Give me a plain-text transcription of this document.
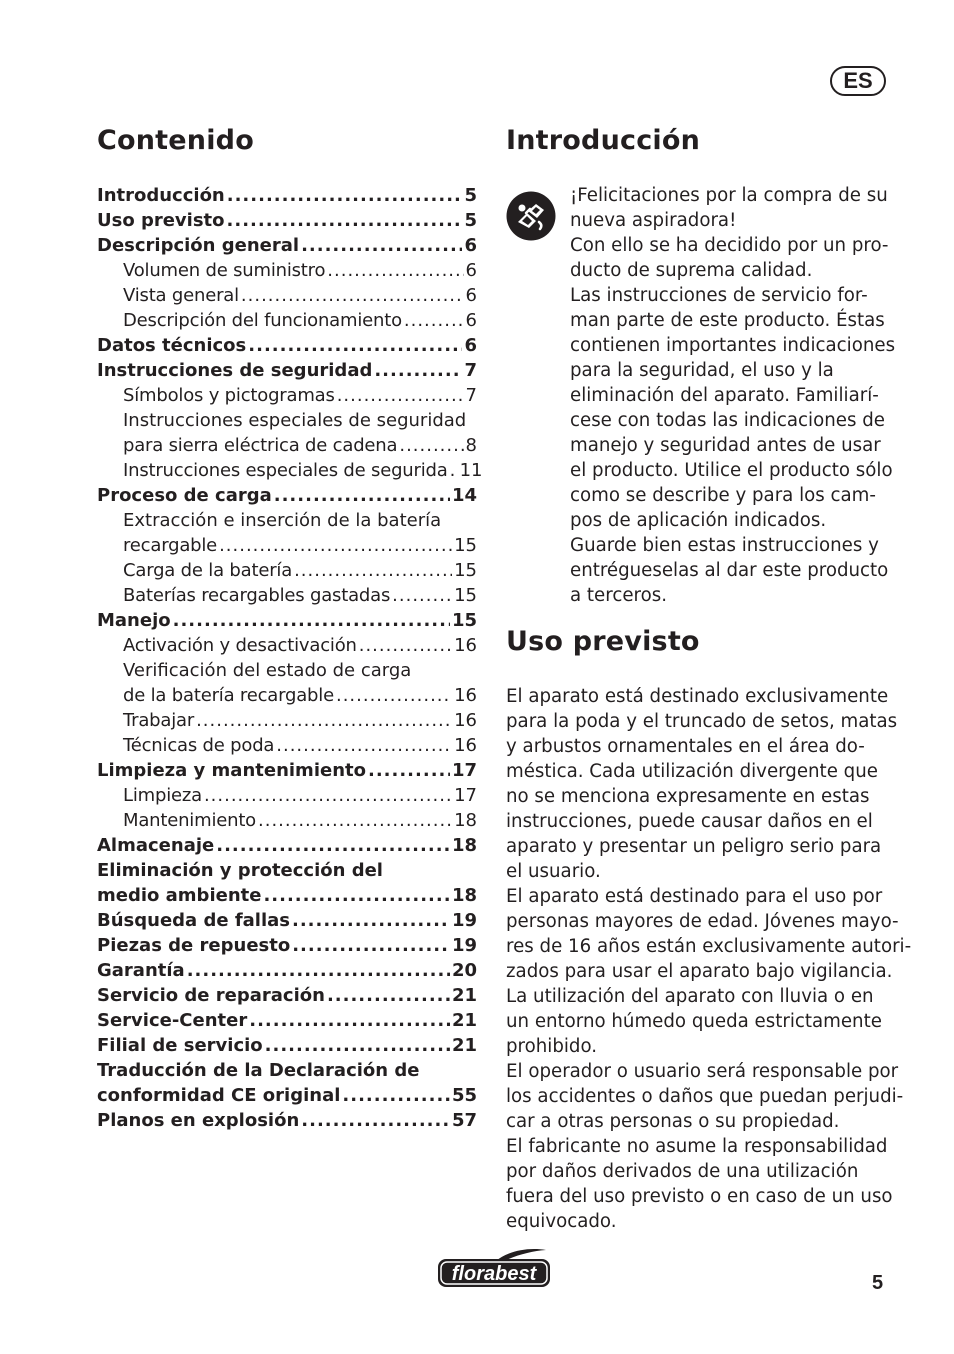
ES
Contenido
Introducción .....	5
Uso previsto .....	5
Descripción general .....	6
Volumen de suministro .....	6
Vista general .....	6
Descripción del funcionamiento .....	6
Datos técnicos .....	6
Instrucciones de seguridad .....	7
Símbolos y pictogramas .....	7
Instrucciones especiales de seguridad
para sierra eléctrica de cadena .....	8
Instrucciones especiales de segurida ..... 11
Proceso de carga .....	14
Extracción e inserción de la batería
recargable .....	15
Carga de la batería .....	15
Baterías recargables gastadas .....	15
Manejo .....	15
Activación y desactivación .....	16
Verificación del estado de carga
de la batería recargable .....	16
Trabajar .....	16
Técnicas de poda .....	16
Limpieza y mantenimiento .....	17
Limpieza .....	17
Mantenimiento .....	18
Almacenaje .....	18
Eliminación y protección del
medio ambiente .....	18
Búsqueda de fallas .....	19
Piezas de repuesto .....	19
Garantía .....	20
Servicio de reparación .....	21
Service-Center .....	21
Filial de servicio .....	21
Traducción de la Declaración de
conformidad CE original .....	55
Planos en explosión .....	57
Introducción
¡Felicitaciones por la compra de su
nueva aspiradora!
Con ello se ha decidido por un pro-
ducto de suprema calidad.
Las instrucciones de servicio for-
man parte de este producto. Éstas
contienen importantes indicaciones
para la seguridad, el uso y la
eliminación del aparato. Familiarí-
cese con todas las indicaciones de
manejo y seguridad antes de usar
el producto. Utilice el producto sólo
como se describe y para los cam-
pos de aplicación indicados.
Guarde bien estas instrucciones y
entrégueselas al dar este producto
a terceros.
Uso previsto
El aparato está destinado exclusivamente
para la poda y el truncado de setos, matas
y arbustos ornamentales en el área do-
méstica. Cada utilización divergente que
no se menciona expresamente en estas
instrucciones, puede causar daños en el
aparato y presentar un peligro serio para
el usuario.
El aparato está destinado para el uso por
personas mayores de edad. Jóvenes mayo-
res de 16 años están exclusivamente autori-
zados para usar el aparato bajo vigilancia.
La utilización del aparato con lluvia o en
un entorno húmedo queda estrictamente
prohibido.
El operador o usuario será responsable por
los accidentes o daños que puedan perjudi-
car a otras personas o su propiedad.
El fabricante no asume la responsabilidad
por daños derivados de una utilización
fuera del uso previsto o en caso de un uso
equivocado.
florabest	5
